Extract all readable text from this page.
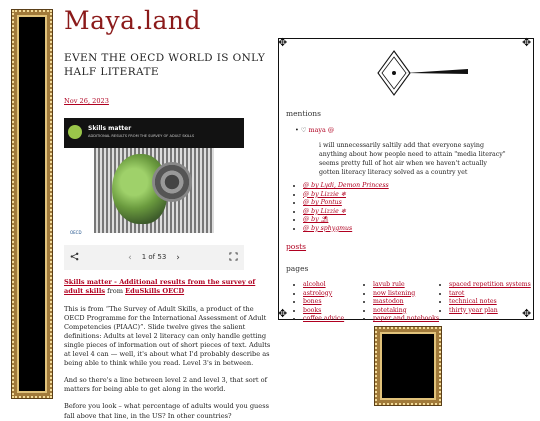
Maya.land
EVEN THE OECD WORLD IS ONLY HALF LITERATE
Nov 26, 2023
Skills matter
ADDITIONAL RESULTS FROM THE SURVEY OF ADULT SKILLS
OECD
‹ 1 of 53 ›
Skills matter - Additional results from the survey of adult skills from EduSkills OECD

This is from “The Survey of Adult Skills, a product of the OECD Programme for the International Assessment of Adult Competencies (PIAAC)”. Slide twelve gives the salient definitions: Adults at level 2 literacy can only handle getting single pieces of information out of short pieces of text. Adults at level 4 can — well, it's about what I'd probably describe as being able to think while you read. Level 3's in between.

And so there's a line between level 2 and level 3, that sort of matters for being able to get along in the world.

Before you look – what percentage of adults would you guess fall above that line, in the US? In other countries?

mentions
• ♡ maya @
i will unnecessarily saltily add that everyone saying anything about how people need to attain "media literacy" seems pretty full of hot air when we haven't actually gotten literacy literacy solved as a country yet
• @ by Lydi, Demon Princess
• @ by Lizzie ❄
• @ by Pontus
• @ by Lizzie ❄
• @ by ⛱
• @ by sphygmus
posts
pages
• alcohol
• astrology
• bones
• books
• coffee advice
• lavub rule
• now listening
• mastodon
• notetaking
• paper and notebooks
• spaced repetition systems
• tarot
• technical notes
• thirty year plan
✥	✥
✥	✥
